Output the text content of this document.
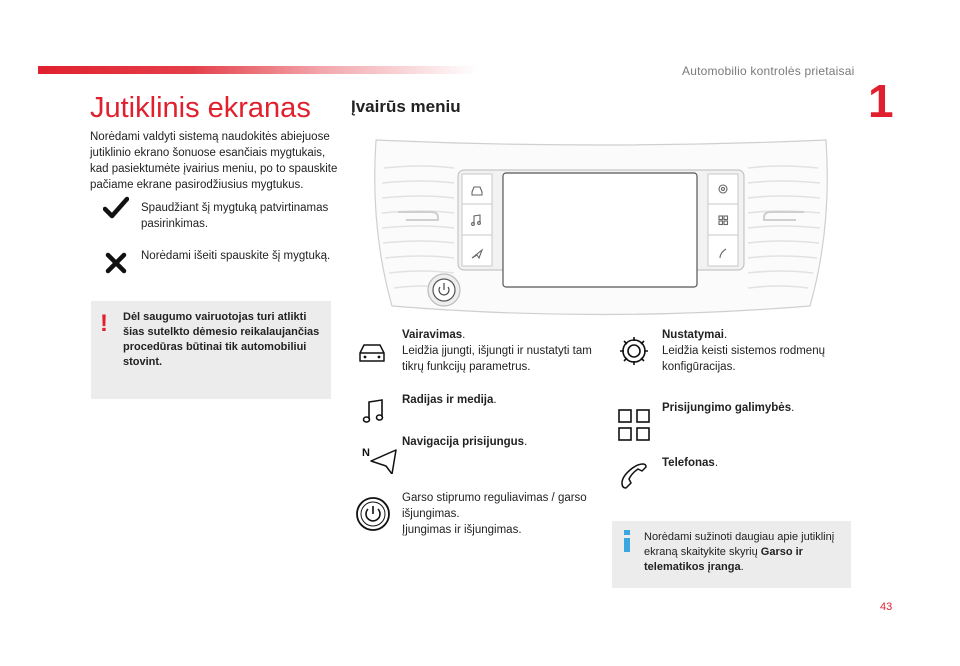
Automobilio kontrolės prietaisai
1
43
Jutiklinis ekranas
Norėdami valdyti sistemą naudokitės abiejuose jutiklinio ekrano šonuose esančiais mygtukais, kad pasiektumėte įvairius meniu, po to spauskite pačiame ekrane pasirodžiusius mygtukus.
Spaudžiant šį mygtuką patvirtinamas pasirinkimas.
Norėdami išeiti spauskite šį mygtuką.
!	Dėl saugumo vairuotojas turi atlikti šias sutelkto dėmesio reikalaujančias procedūras būtinai tik automobiliui stovint.
Įvairūs meniu
Vairavimas.
Leidžia įjungti, išjungti ir nustatyti tam tikrų funkcijų parametrus.
Radijas ir medija.
N
Navigacija prisijungus.
Garso stiprumo reguliavimas / garso išjungimas.
Įjungimas ir išjungimas.
Nustatymai.
Leidžia keisti sistemos rodmenų konfigūracijas.
Prisijungimo galimybės.
Telefonas.
Norėdami sužinoti daugiau apie jutiklinį ekraną skaitykite skyrių Garso ir telematikos įranga.
